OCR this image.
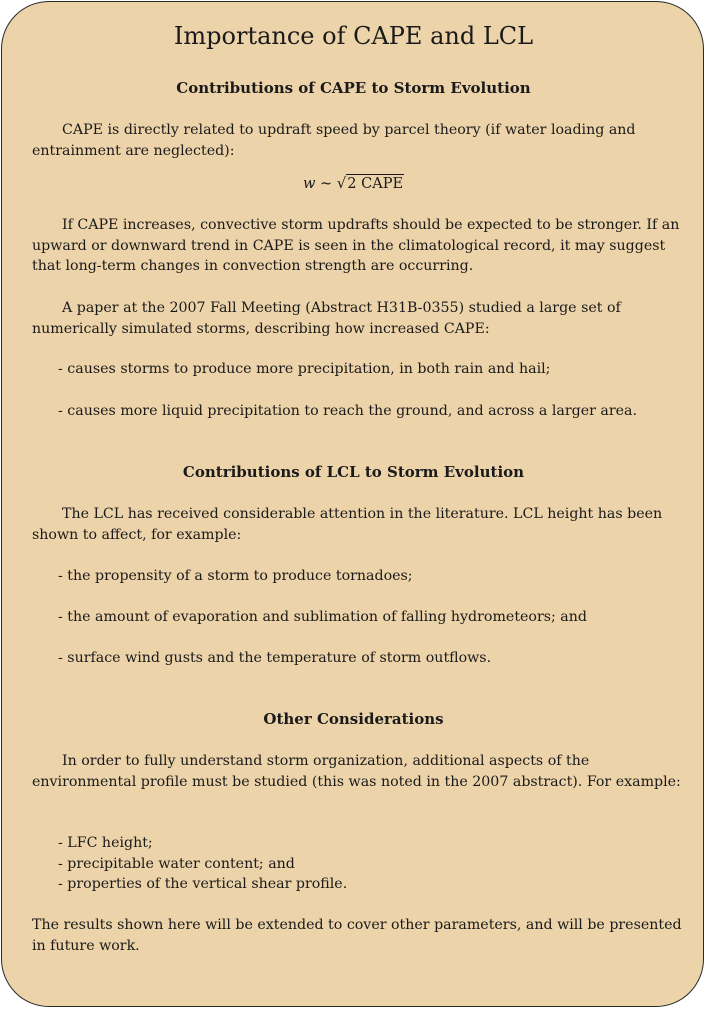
Importance of CAPE and LCL
Contributions of CAPE to Storm Evolution

CAPE is directly related to updraft speed by parcel theory (if water loading and entrainment are neglected):

w ~ √2 CAPE

If CAPE increases, convective storm updrafts should be expected to be stronger. If an upward or downward trend in CAPE is seen in the climatological record, it may suggest that long-term changes in convection strength are occurring.

A paper at the 2007 Fall Meeting (Abstract H31B-0355) studied a large set of numerically simulated storms, describing how increased CAPE:

- causes storms to produce more precipitation, in both rain and hail;
- causes more liquid precipitation to reach the ground, and across a larger area.
Contributions of LCL to Storm Evolution

The LCL has received considerable attention in the literature. LCL height has been shown to affect, for example:

- the propensity of a storm to produce tornadoes;
- the amount of evaporation and sublimation of falling hydrometeors; and
- surface wind gusts and the temperature of storm outflows.
Other Considerations

In order to fully understand storm organization, additional aspects of the environmental profile must be studied (this was noted in the 2007 abstract). For example:

- LFC height;
- precipitable water content; and
- properties of the vertical shear profile.

The results shown here will be extended to cover other parameters, and will be presented in future work.
